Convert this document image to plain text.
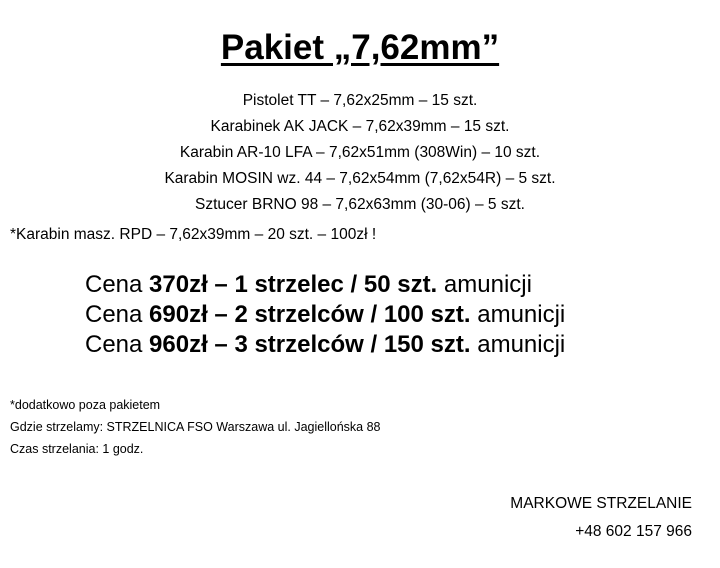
Pakiet „7,62mm”
Pistolet TT – 7,62x25mm – 15 szt.
Karabinek AK JACK – 7,62x39mm – 15 szt.
Karabin AR-10 LFA – 7,62x51mm (308Win) – 10 szt.
Karabin MOSIN wz. 44 – 7,62x54mm (7,62x54R) – 5 szt.
Sztucer BRNO 98 – 7,62x63mm (30-06) – 5 szt.
*Karabin masz. RPD – 7,62x39mm – 20 szt. – 100zł !
Cena 370zł – 1 strzelec / 50 szt. amunicji
Cena 690zł – 2 strzelców / 100 szt. amunicji
Cena 960zł – 3 strzelców / 150 szt. amunicji
*dodatkowo poza pakietem
Gdzie strzelamy: STRZELNICA FSO Warszawa ul. Jagiellońska 88
Czas strzelania: 1 godz.
MARKOWE STRZELANIE
+48 602 157 966
